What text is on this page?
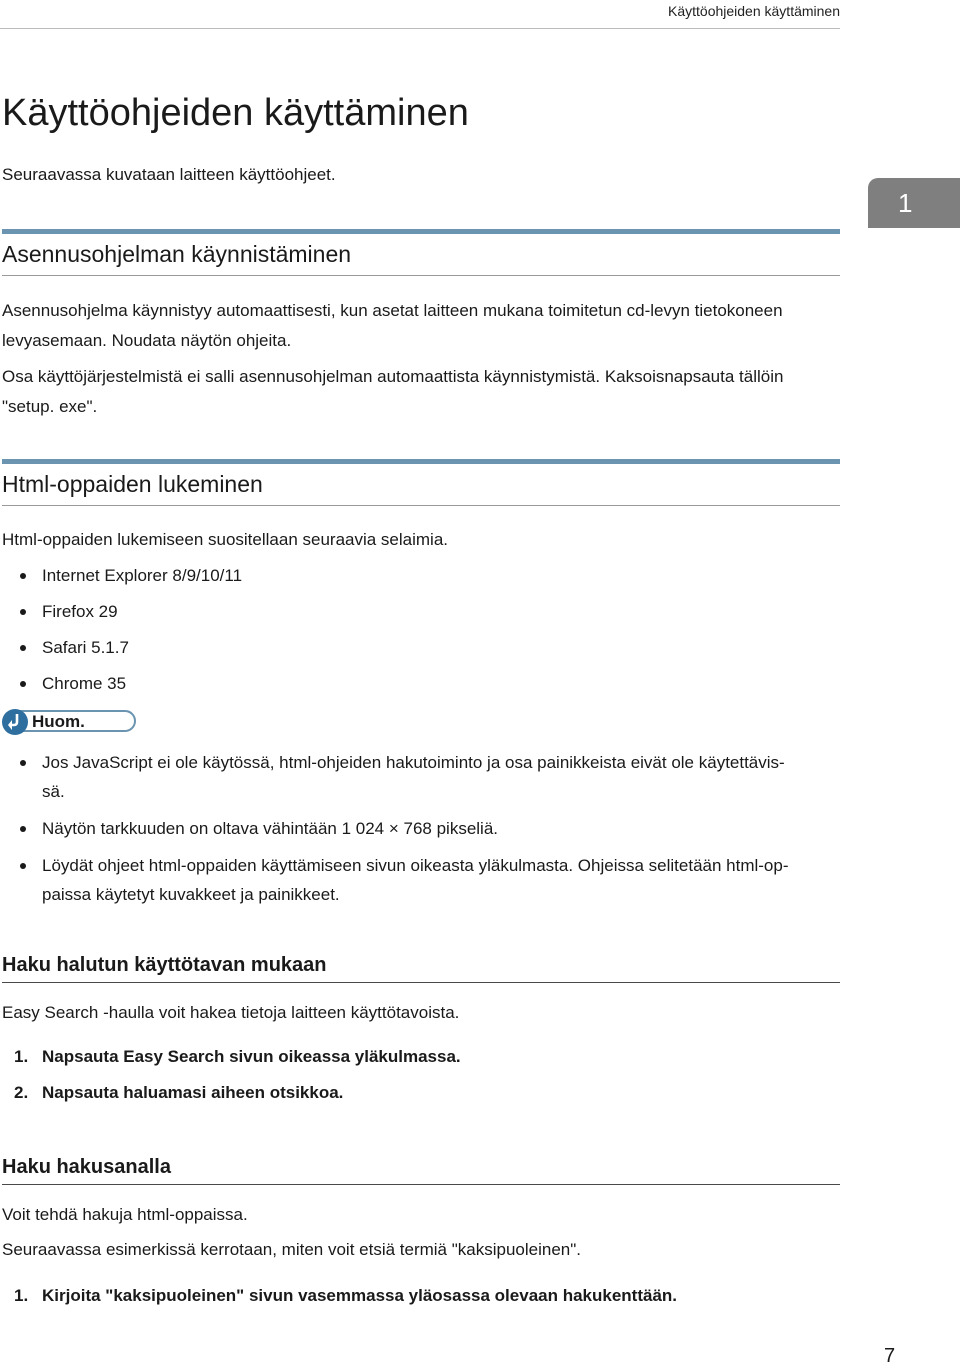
Käyttöohjeiden käyttäminen
Käyttöohjeiden käyttäminen
Seuraavassa kuvataan laitteen käyttöohjeet.
1
Asennusohjelman käynnistäminen

Asennusohjelma käynnistyy automaattisesti, kun asetat laitteen mukana toimitetun cd-levyn tietokoneen
levyasemaan. Noudata näytön ohjeita.

Osa käyttöjärjestelmistä ei salli asennusohjelman automaattista käynnistymistä. Kaksoisnapsauta tällöin
"setup. exe".

Html-oppaiden lukeminen

Html-oppaiden lukemiseen suositellaan seuraavia selaimia.

Internet Explorer 8/9/10/11
Firefox 29
Safari 5.1.7
Chrome 35
Huom.
Jos JavaScript ei ole käytössä, html-ohjeiden hakutoiminto ja osa painikkeista eivät ole käytettävis-
sä.
Näytön tarkkuuden on oltava vähintään 1 024 × 768 pikseliä.
Löydät ohjeet html-oppaiden käyttämiseen sivun oikeasta yläkulmasta. Ohjeissa selitetään html-op-
paissa käytetyt kuvakkeet ja painikkeet.
Haku halutun käyttötavan mukaan

Easy Search -haulla voit hakea tietoja laitteen käyttötavoista.

1. Napsauta Easy Search sivun oikeassa yläkulmassa.
2. Napsauta haluamasi aiheen otsikkoa.
Haku hakusanalla

Voit tehdä hakuja html-oppaissa.

Seuraavassa esimerkissä kerrotaan, miten voit etsiä termiä "kaksipuoleinen".

1. Kirjoita "kaksipuoleinen" sivun vasemmassa yläosassa olevaan hakukenttään.
7
